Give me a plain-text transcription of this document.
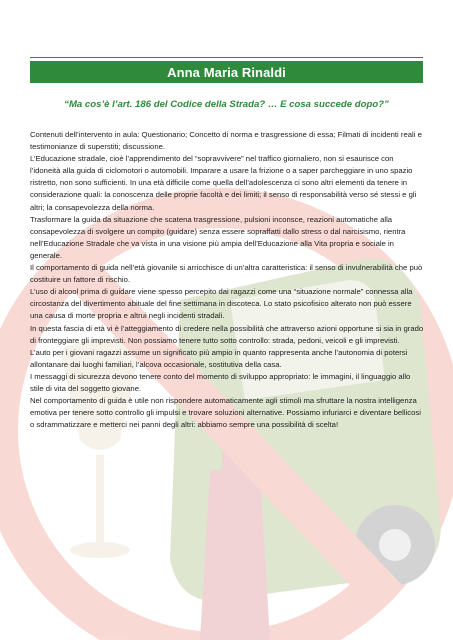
Anna Maria Rinaldi
“Ma cos’è l’art. 186 del Codice della Strada? … E cosa succede dopo?”

Contenuti dell’intervento in aula: Questionario; Concetto di norma e trasgressione di essa; Filmati di incidenti reali e testimonianze di superstiti; discussione.

L’Educazione stradale, cioè l’apprendimento del “sopravvivere” nel traffico giornaliero, non si esaurisce con l’idoneità alla guida di ciclomotori o automobili. Imparare a usare la frizione o a saper parcheggiare in uno spazio ristretto, non sono sufficienti. In una età difficile come quella dell’adolescenza ci sono altri elementi da tenere in considerazione quali: la conoscenza delle proprie facoltà e dei limiti; il senso di responsabilità verso sé stessi e gli altri; la consapevolezza della norma.

Trasformare la guida da situazione che scatena trasgressione, pulsioni inconsce, reazioni automatiche alla consapevolezza di svolgere un compito (guidare) senza essere sopraffatti dallo stress o dal narcisismo, rientra nell’Educazione Stradale che va vista in una visione più ampia dell’Educazione alla Vita propria e sociale in generale.

Il comportamento di guida nell’età giovanile si arricchisce di un’altra caratteristica: il senso di invulnerabilità che può costituire un fattore di rischio.

L’uso di alcool prima di guidare viene spesso percepito dai ragazzi come una “situazione normale” connessa alla circostanza del divertimento abituale del fine settimana in discoteca. Lo stato psicofisico alterato non può essere una causa di morte propria e altrui negli incidenti stradali.

In questa fascia di età vi è l’atteggiamento di credere nella possibilità che attraverso azioni opportune si sia in grado di fronteggiare gli imprevisti. Non possiamo tenere tutto sotto controllo: strada, pedoni, veicoli e gli imprevisti.

L’auto per i giovani ragazzi assume un significato più ampio in quanto rappresenta anche l’autonomia di potersi allontanare dai luoghi familiari, l’alcova occasionale, sostitutiva della casa.

I messaggi di sicurezza devono tenere conto del momento di sviluppo appropriato: le immagini, il linguaggio allo stile di vita del soggetto giovane.

Nel comportamento di guida è utile non rispondere automaticamente agli stimoli ma sfruttare la nostra intelligenza emotiva per tenere sotto controllo gli impulsi e trovare soluzioni alternative. Possiamo infuriarci e diventare bellicosi o sdrammatizzare e metterci nei panni degli altri: abbiamo sempre una possibilità di scelta!
